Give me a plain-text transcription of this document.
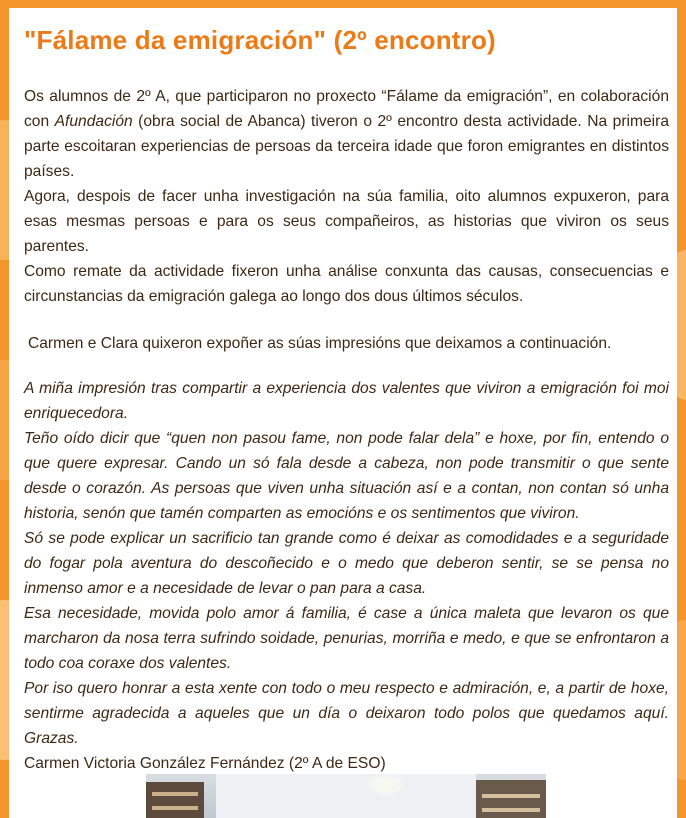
"Fálame da emigración" (2º encontro)

Os alumnos de 2º A, que participaron no proxecto “Fálame da emigración”, en colaboración con Afundación (obra social de Abanca) tiveron o 2º encontro desta actividade. Na primeira parte escoitaran experiencias de persoas da terceira idade que foron emigrantes en distintos países.

Agora, despois de facer unha investigación na súa familia, oito alumnos expuxeron, para esas mesmas persoas e para os seus compañeiros, as historias que viviron os seus parentes.

Como remate da actividade fixeron unha análise conxunta das causas, consecuencias e circunstancias da emigración galega ao longo dos dous últimos séculos.

Carmen e Clara quixeron expoñer as súas impresións que deixamos a continuación.

A miña impresión tras compartir a experiencia dos valentes que viviron a emigración foi moi enriquecedora.

Teño oído dicir que “quen non pasou fame, non pode falar dela” e hoxe, por fin, entendo o que quere expresar. Cando un só fala desde a cabeza, non pode transmitir o que sente desde o corazón. As persoas que viven unha situación así e a contan, non contan só unha historia, senón que tamén comparten as emocións e os sentimentos que viviron.

Só se pode explicar un sacrificio tan grande como é deixar as comodidades e a seguridade do fogar pola aventura do descoñecido e o medo que deberon sentir, se se pensa no inmenso amor e a necesidade de levar o pan para a casa.

Esa necesidade, movida polo amor á familia, é case a única maleta que levaron os que marcharon da nosa terra sufrindo soidade, penurias, morriña e medo, e que se enfrontaron a todo coa coraxe dos valentes.

Por iso quero honrar a esta xente con todo o meu respecto e admiración, e, a partir de hoxe, sentirme agradecida a aqueles que un día o deixaron todo polos que quedamos aquí. Grazas.

Carmen Victoria González Fernández (2º A de ESO)
